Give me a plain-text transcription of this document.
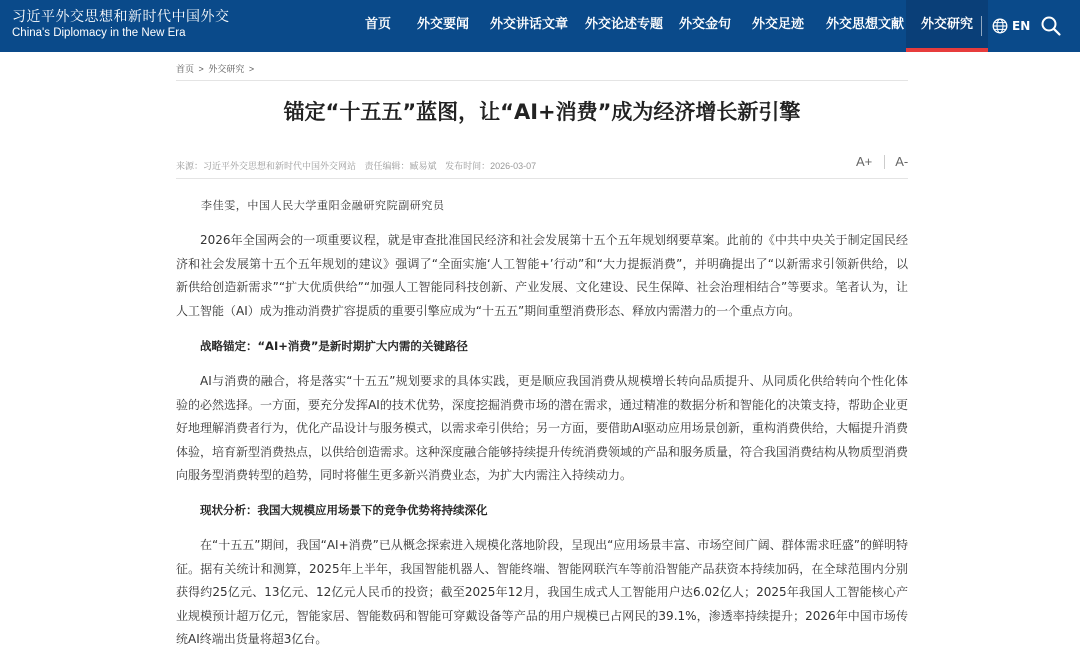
习近平外交思想和新时代中国外交
China's Diplomacy in the New Era
首页 外交要闻 外交讲话文章 外交论述专题 外交金句 外交足迹 外交思想文献	外交研究	EN
首页 > 外交研究 >
锚定“十五五”蓝图，让“AI+消费”成为经济增长新引擎
来源：习近平外交思想和新时代中国外交网站 责任编辑：臧易斌 发布时间：2026-03-07	A+ A-
李佳雯，中国人民大学重阳金融研究院副研究员

2026年全国两会的一项重要议程，就是审查批准国民经济和社会发展第十五个五年规划纲要草案。此前的《中共中央关于制定国民经济和社会发展第十五个五年规划的建议》强调了“全面实施‘人工智能+’行动”和“大力提振消费”，并明确提出了“以新需求引领新供给，以新供给创造新需求”“扩大优质供给”“加强人工智能同科技创新、产业发展、文化建设、民生保障、社会治理相结合”等要求。笔者认为，让人工智能（AI）成为推动消费扩容提质的重要引擎应成为“十五五”期间重塑消费形态、释放内需潜力的一个重点方向。

战略锚定：“AI+消费”是新时期扩大内需的关键路径

AI与消费的融合，将是落实“十五五”规划要求的具体实践，更是顺应我国消费从规模增长转向品质提升、从同质化供给转向个性化体验的必然选择。一方面，要充分发挥AI的技术优势，深度挖掘消费市场的潜在需求，通过精准的数据分析和智能化的决策支持，帮助企业更好地理解消费者行为，优化产品设计与服务模式，以需求牵引供给；另一方面，要借助AI驱动应用场景创新，重构消费供给，大幅提升消费体验，培育新型消费热点，以供给创造需求。这种深度融合能够持续提升传统消费领域的产品和服务质量，符合我国消费结构从物质型消费向服务型消费转型的趋势，同时将催生更多新兴消费业态，为扩大内需注入持续动力。

现状分析：我国大规模应用场景下的竞争优势将持续深化

在“十五五”期间，我国“AI+消费”已从概念探索进入规模化落地阶段，呈现出“应用场景丰富、市场空间广阔、群体需求旺盛”的鲜明特征。据有关统计和测算，2025年上半年，我国智能机器人、智能终端、智能网联汽车等前沿智能产品获资本持续加码，在全球范围内分别获得约25亿元、13亿元、12亿元人民币的投资；截至2025年12月，我国生成式人工智能用户达6.02亿人；2025年我国人工智能核心产业规模预计超万亿元，智能家居、智能数码和智能可穿戴设备等产品的用户规模已占网民的39.1%，渗透率持续提升；2026年中国市场传统AI终端出货量将超3亿台。
